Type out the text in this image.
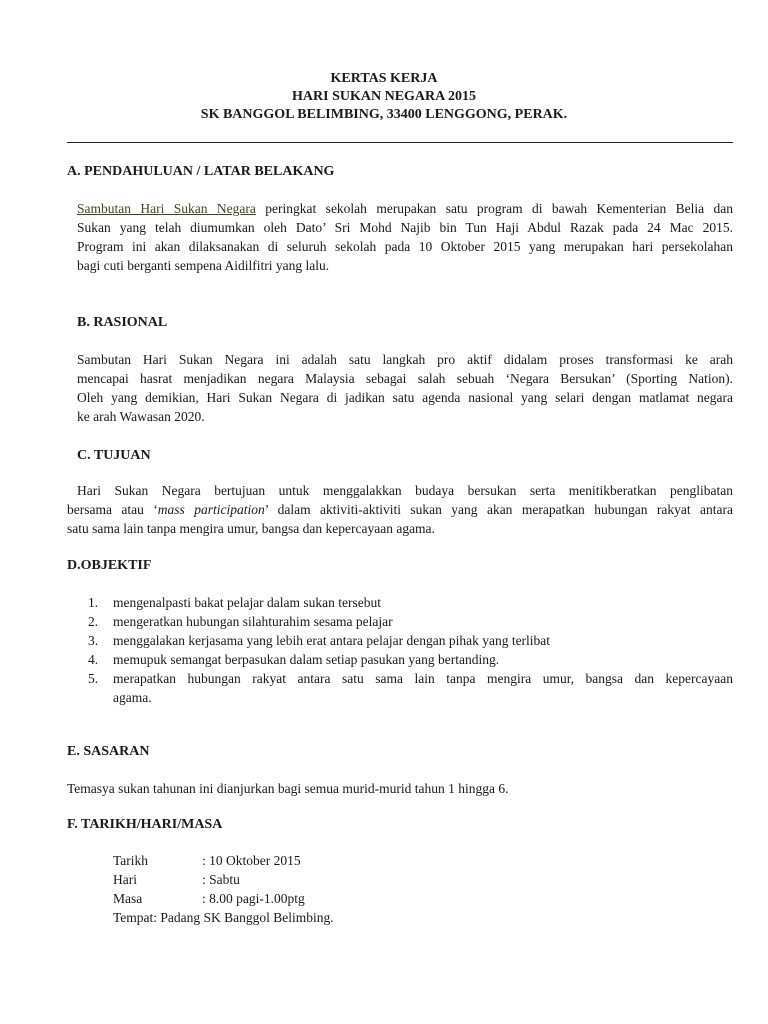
KERTAS KERJA
HARI SUKAN NEGARA 2015
SK BANGGOL BELIMBING, 33400 LENGGONG, PERAK.
A. PENDAHULUAN / LATAR BELAKANG
Sambutan Hari Sukan Negara peringkat sekolah merupakan satu program di bawah Kementerian Belia dan
Sukan yang telah diumumkan oleh Dato’ Sri Mohd Najib bin Tun Haji Abdul Razak pada 24 Mac 2015.
Program ini akan dilaksanakan di seluruh sekolah pada 10 Oktober 2015 yang merupakan hari persekolahan
bagi cuti berganti sempena Aidilfitri yang lalu.
B. RASIONAL
Sambutan Hari Sukan Negara ini adalah satu langkah pro aktif didalam proses transformasi ke arah
mencapai hasrat menjadikan negara Malaysia sebagai salah sebuah ‘Negara Bersukan’ (Sporting Nation).
Oleh yang demikian, Hari Sukan Negara di jadikan satu agenda nasional yang selari dengan matlamat negara
ke arah Wawasan 2020.
C. TUJUAN
Hari Sukan Negara bertujuan untuk menggalakkan budaya bersukan serta menitikberatkan penglibatan
bersama atau ‘mass participation’ dalam aktiviti-aktiviti sukan yang akan merapatkan hubungan rakyat antara
satu sama lain tanpa mengira umur, bangsa dan kepercayaan agama.
D.OBJEKTIF
1. mengenalpasti bakat pelajar dalam sukan tersebut
2. mengeratkan hubungan silahturahim sesama pelajar
3. menggalakan kerjasama yang lebih erat antara pelajar dengan pihak yang terlibat
4. memupuk semangat berpasukan dalam setiap pasukan yang bertanding.
5. merapatkan hubungan rakyat antara satu sama lain tanpa mengira umur, bangsa dan kepercayaan
agama.
E. SASARAN
Temasya sukan tahunan ini dianjurkan bagi semua murid-murid tahun 1 hingga 6.
F. TARIKH/HARI/MASA
Tarikh	: 10 Oktober 2015
Hari	: Sabtu
Masa	: 8.00 pagi-1.00ptg
Tempat: Padang SK Banggol Belimbing.
